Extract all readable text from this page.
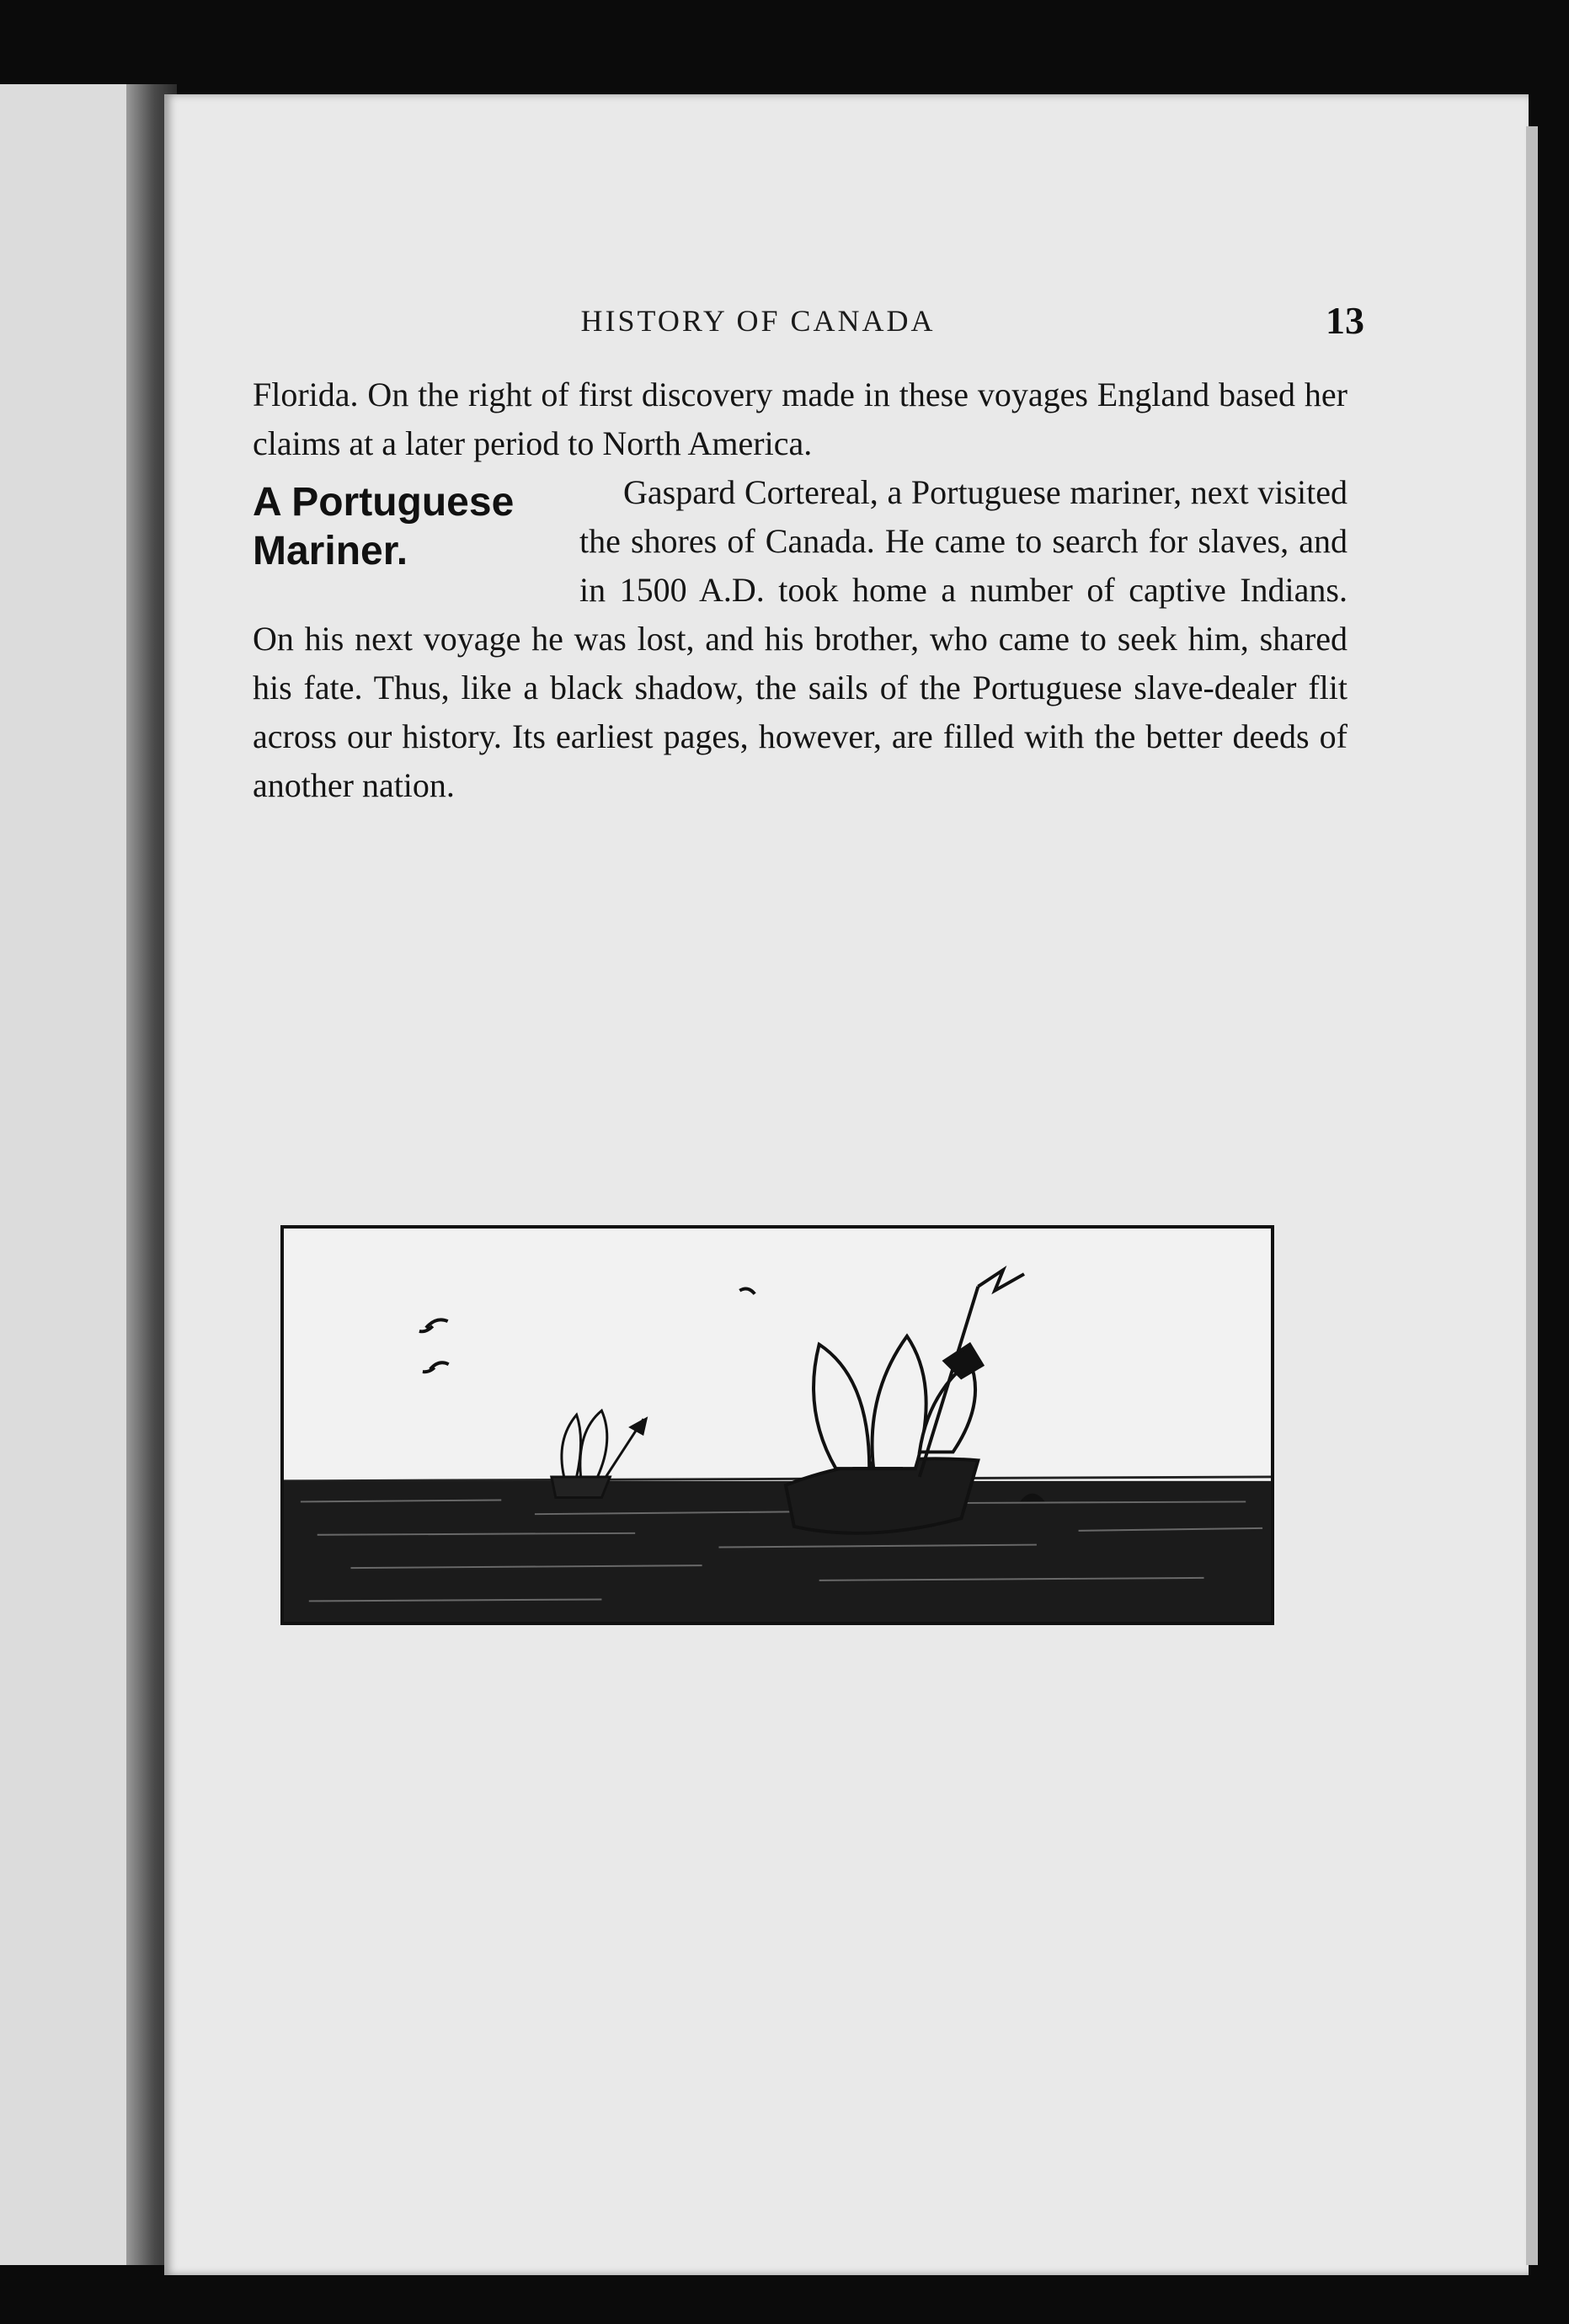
HISTORY OF CANADA	13

Florida. On the right of first discovery made in these voyages England based her claims at a later period to North America.

A Portuguese
Mariner.

Gaspard Cortereal, a Portuguese mariner, next visited the shores of Canada. He came to search for slaves, and in 1500 A.D. took home a number of captive Indians. On his next voyage he was lost, and his brother, who came to seek him, shared his fate. Thus, like a black shadow, the sails of the Portuguese slave-dealer flit across our history. Its earliest pages, however, are filled with the better deeds of another nation.
